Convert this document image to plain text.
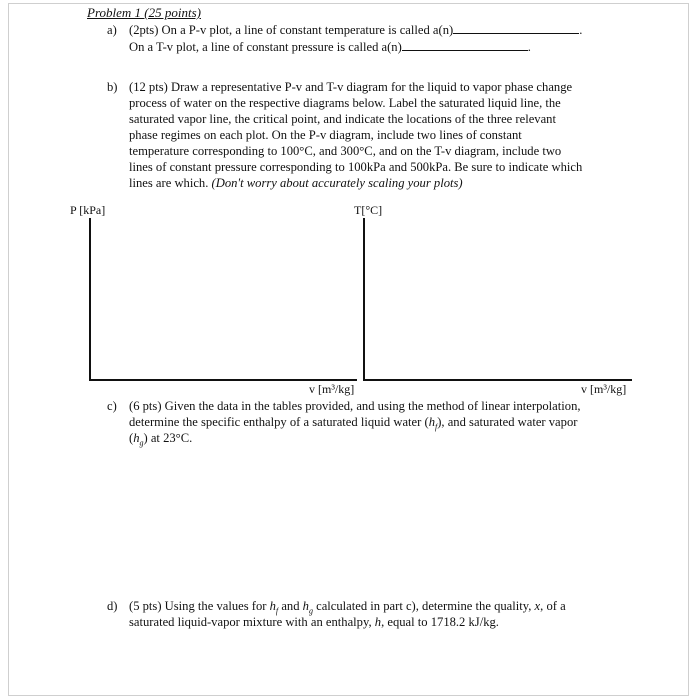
Problem 1 (25 points)
a) (2pts) On a P-v plot, a line of constant temperature is called a(n)	.
On a T-v plot, a line of constant pressure is called a(n)	.
b) (12 pts) Draw a representative P-v and T-v diagram for the liquid to vapor phase change
process of water on the respective diagrams below. Label the saturated liquid line, the
saturated vapor line, the critical point, and indicate the locations of the three relevant
phase regimes on each plot. On the P-v diagram, include two lines of constant
temperature corresponding to 100°C, and 300°C, and on the T-v diagram, include two
lines of constant pressure corresponding to 100kPa and 500kPa. Be sure to indicate which
lines are which. (Don't worry about accurately scaling your plots)
P [kPa]
v [m³/kg]
T[°C]
v [m³/kg]
c) (6 pts) Given the data in the tables provided, and using the method of linear interpolation,
determine the specific enthalpy of a saturated liquid water $(h_f)$, and saturated water vapor
$(h_g)$ at 23°C.
d) (5 pts) Using the values for $h_f$ and $h_g$ calculated in part c), determine the quality, x, of a
saturated liquid-vapor mixture with an enthalpy, h, equal to 1718.2 kJ/kg.
